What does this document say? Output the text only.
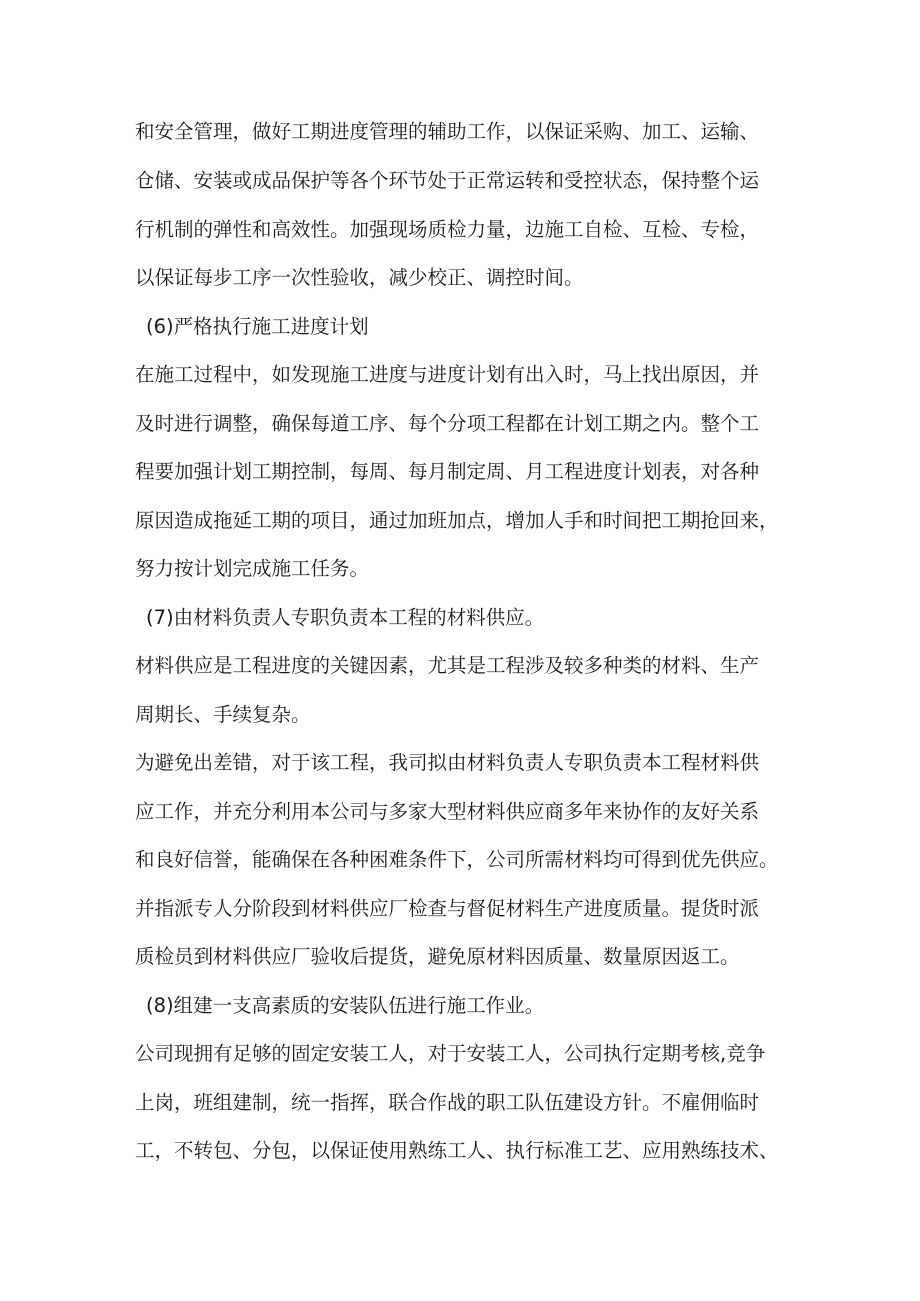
和安全管理，做好工期进度管理的辅助工作，以保证采购、加工、运输、

仓储、安装或成品保护等各个环节处于正常运转和受控状态，保持整个运

行机制的弹性和高效性。加强现场质检力量，边施工自检、互检、专检，

以保证每步工序一次性验收，减少校正、调控时间。

(6)严格执行施工进度计划

在施工过程中，如发现施工进度与进度计划有出入时，马上找出原因，并

及时进行调整，确保每道工序、每个分项工程都在计划工期之内。整个工

程要加强计划工期控制，每周、每月制定周、月工程进度计划表，对各种

原因造成拖延工期的项目，通过加班加点，增加人手和时间把工期抢回来，

努力按计划完成施工任务。

(7)由材料负责人专职负责本工程的材料供应。

材料供应是工程进度的关键因素，尤其是工程涉及较多种类的材料、生产

周期长、手续复杂。

为避免出差错，对于该工程，我司拟由材料负责人专职负责本工程材料供

应工作，并充分利用本公司与多家大型材料供应商多年来协作的友好关系

和良好信誉，能确保在各种困难条件下，公司所需材料均可得到优先供应。

并指派专人分阶段到材料供应厂检查与督促材料生产进度质量。提货时派

质检员到材料供应厂验收后提货，避免原材料因质量、数量原因返工。

(8)组建一支高素质的安装队伍进行施工作业。

公司现拥有足够的固定安装工人，对于安装工人，公司执行定期考核,竞争

上岗，班组建制，统一指挥，联合作战的职工队伍建设方针。不雇佣临时

工，不转包、分包，以保证使用熟练工人、执行标准工艺、应用熟练技术、
